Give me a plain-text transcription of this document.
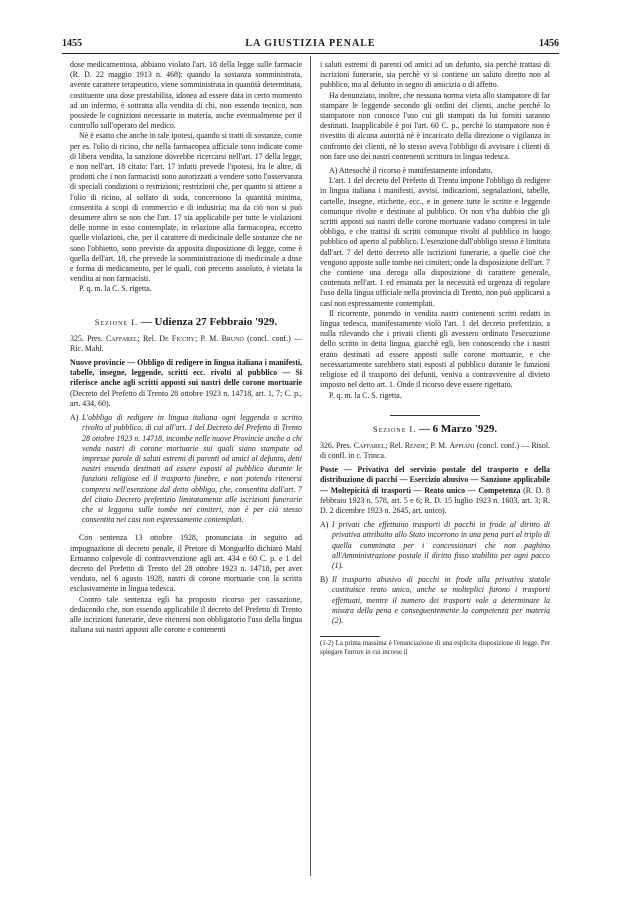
1455	LA GIUSTIZIA PENALE	1456

dose medicamentosa, abbiano violato l'art. 18 della legge sulle farmacie (R. D. 22 maggio 1913 n. 468): quando la sostanza somministrata, avente carattere terapeutico, viene somministrata in quantità determinata, costituente una dose prestabilita, idonea ad essere data in certo momento ad un infermo, è sottratta alla vendita di chi, non essendo tecnico, non possiede le cognizioni necessarie in materia, anche eventualmente per il controllo sull'operato del medico.

Nè è esatto che anche in tale ipotesi, quando si tratti di sostanze, come per es. l'olio di ricino, che nella farmacopea ufficiale sono indicate come di libera vendita, la sanzione dovrebbe ricercarsi nell'art. 17 della legge, e non nell'art. 18 citato: l'art. 17 infatti prevede l'ipotesi, fra le altre, di prodotti che i non farmacisti sono autorizzati a vendere sotto l'osservanza di speciali condizioni o restrizioni; restrizioni che, per quanto si attiene a l'olio di ricino, al solfato di soda, concernono la quantità minima, consentita a scopi di commercio e di industria; ma da ciò non si può desumere altro se non che l'art. 17 sia applicabile per tutte le violazioni delle norme in esso contemplate, in relazione alla farmacopea, eccetto quelle violazioni, che, per il carattere di medicinale delle sostanze che ne sono l'obbietto, sono previste da apposita disposizione di legge, come è quella dell'art. 18, che prevede la somministrazione di medicinale a dose e forma di medicamento, per le quali, con precetto assoluto, è vietata la vendita ai non farmacisti.

P. q. m. la C. S. rigetta.

Sezione I. — Udienza 27 Febbraio '929.

325. Pres. Caffarel; Rel. De Ficchy; P. M. Bruno (concl. conf.) — Ric. Mahl.

Nuove provincie — Obbligo di redigere in lingua italiana i manifesti, tabelle, insegne, leggende, scritti ecc. rivolti al pubblico — Si riferisce anche agli scritti apposti sui nastri delle corone mortuarie (Decreto del Prefetto di Trento 28 ottobre 1923 n. 14718, art. 1, 7; C. p., art. 434, 60).

A) L'obbligo di redigere in lingua italiana ogni leggenda o scritto rivolto al pubblico, di cui all'art. 1 del Decreto del Prefetto di Trento 28 ottobre 1923 n. 14718, incombe nelle nuove Provincie anche a chi venda nastri di corone mortuarie sui quali siano stampate od impresse parole di saluti estremi di parenti od amici al defunto, detti nastri essendo destinati ad essere esposti al pubblico durante le funzioni religiose ed il trasporto funebre, e non potendo ritenersi compresi nell'esenzione dal detto obbligo, che, consentita dall'art. 7 del citato Decreto prefettizio limitatamente alle iscrizioni funerarie che si leggono sulle tombe nei cimiteri, non è per ciò stesso consentita nei casi non espressamente contemplati.

Con sentenza 13 ottobre 1928, pronunciata in seguito ad impugnazione di decreto penale, il Pretore di Monguelfo dichiarò Mahl Ermanno colpevole di contravvenzione agli art. 434 e 60 C. p. e 1 del decreto del Prefetto di Trento del 28 ottobre 1923 n. 14718, per aver venduto, nel 6 agosto 1928, nastri di corone mortuarie con la scritta esclusivamente in lingua tedesca.

Contro tale sentenza egli ha proposto ricorso per cassazione, deducendo che, non essendo applicabile il decreto del Prefetto di Trento alle iscrizioni funerarie, deve ritenersi non obbligatorio l'uso della lingua italiana sui nastri apposti alle corone e contenenti

i saluti estremi di parenti od amici ad un defunto, sia perchè trattasi di iscrizioni funerarie, sia perchè vi si contiene un saluto diretto non al pubblico, ma al defunto in segno di amicizia o di affetto.

Ha denunziato, inoltre, che nessuna norma vieta allo stampatore di far stampare le leggende secondo gli ordini dei clienti, anche perchè lo stampatore non conosce l'uso cui gli stampati da lui forniti saranno destinati. Inapplicabile è poi l'art. 60 C. p., perchè lo stampatore non è rivestito di alcuna autorità nè è incaricato della direzione o vigilanza in confronto dei clienti, nè lo stesso aveva l'obbligo di avvisare i clienti di non fare uso dei nastri contenenti scrittura in lingua tedesca.

A) Attesochè il ricorso è manifestamente infondato.

L'art. 1 del decreto del Prefetto di Trento impone l'obbligo di redigere in lingua italiana i manifesti, avvisi, indicazioni, segnalazioni, tabelle, cartelle, insegne, etichette, ecc., e in genere tutte le scritte e leggende comunque rivolte e destinate al pubblico. Or non v'ha dubbio che gli scritti apposti sui nastri delle corone mortuarie vadano compresi in tale obbligo, e che trattisi di scritti comunque rivolti al pubblico in luogo pubblico od aperto al pubblico. L'esenzione dall'obbligo stesso è limitata dall'art. 7 del detto decreto alle iscrizioni funerarie, a quelle cioè che vengono apposte sulle tombe nei cimiteri; onde la disposizione dell'art. 7 che contiene una deroga alla disposizione di carattere generale, contenuta nell'art. 1 ed emanata per la necessità ed urgenza di regolare l'uso della lingua ufficiale nella provincia di Trento, non può applicarsi a casi non espressamente contemplati.

Il ricorrente, ponendo in vendita nastri contenenti scritti redatti in lingua tedesca, manifestamente violò l'art. 1 del decreto prefettizio, a nulla rilevando che i privati clienti gli avessero ordinato l'esecuzione dello scritto in detta lingua, giacchè egli, ben conoscendo che i nastri erano destinati ad essere apposti sulle corone mortuarie, e che necessariamente sarebbero stati esposti al pubblico durante le funzioni religiose ed il trasporto dei defunti, veniva a contravvenire al divieto imposto nel detto art. 1. Onde il ricorso deve essere rigettato.

P. q. m. la C. S. rigetta.

Sezione I. — 6 Marzo '929.

326. Pres. Caffarel; Rel. Rende; P. M. Appiani (concl. conf.) — Risol. di confl. in c. Trinca.

Poste — Privativa del servizio postale del trasporto e della distribuzione di pacchi — Esercizio abusivo — Sanzione applicabile — Moltepicità di trasporti — Reato unico — Competenza (R. D. 8 febbraio 1923 n. 578, art. 5 e 6; R. D. 15 luglio 1923 n. 1603, art. 3; R. D. 2 dicembre 1923 n. 2645, art. unico).

A) I privati che effettuino trasporti di pacchi in frode al diritto di privativa attribuito allo Stato incorrono in una pena pari al triplo di quella comminata per i concessionari che non paghino all'Amministrazione postale il diritto fisso stabilito per ogni pacco (1).

B) Il trasporto abusivo di pacchi in frode alla privativa statale costituisce reato unico, anche se molteplici furono i trasporti effettuati, mentre il numero dei trasporti vale a determinare la misura della pena e conseguentemente la competenza per materia (2).

(1-2) La prima massima è l'enunciazione di una esplicita disposizione di legge. Per spiegare l'errore in cui incorse il
